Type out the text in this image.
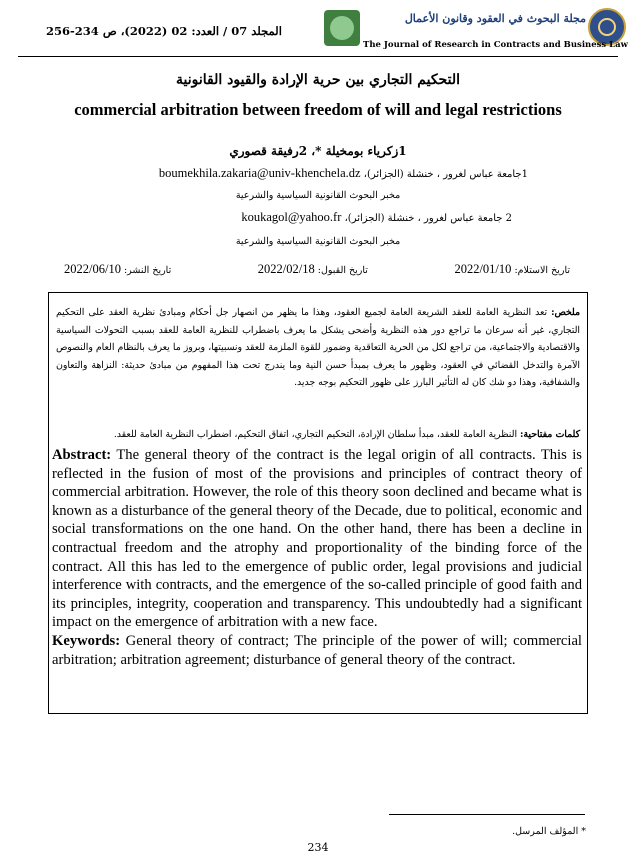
مجلة البحوث في العقود وقانون الأعمال
The Journal of Research in Contracts and Business Law
المجلد 07 / العدد: 02 (2022)، ص 234-256
التحكيم التجاري بين حرية الإرادة والقيود القانونية
commercial arbitration between freedom of will and legal restrictions
1زكرياء بومخيلة *، 2رفيقة قصوري
1جامعة عباس لغرور ، خنشلة (الجزائر)، boumekhila.zakaria@univ-khenchela.dz
مخبر البحوث القانونية السياسية والشرعية
2 جامعة عباس لغرور ، خنشلة (الجزائر)، koukagol@yahoo.fr
مخبر البحوث القانونية السياسية والشرعية
تاريخ الاستلام: 2022/01/10
تاريخ القبول: 2022/02/18
تاريخ النشر: 2022/06/10
ملخص: تعد النظرية العامة للعقد الشريعة العامة لجميع العقود، وهذا ما يظهر من انصهار جل أحكام ومبادئ نظرية العقد على التحكيم التجاري، غير أنه سرعان ما تراجع دور هذه النظرية وأضحى يشكل ما يعرف باضطراب للنظرية العامة للعقد بسبب التحولات السياسية والاقتصادية والاجتماعية، من تراجع لكل من الحرية التعاقدية وضمور للقوة الملزمة للعقد ونسبيتها، وبروز ما يعرف بالنظام العام والنصوص الآمرة والتدخل القضائي في العقود، وظهور ما يعرف بمبدأ حسن النية وما يندرج تحت هذا المفهوم من مبادئ حديثة: النزاهة والتعاون والشفافية، وهذا دو شك كان له التأثير البارز على ظهور التحكيم بوجه جديد.
كلمات مفتاحية: النظرية العامة للعقد، مبدأ سلطان الإرادة، التحكيم التجاري، اتفاق التحكيم، اضطراب النظرية العامة للعقد.
Abstract: The general theory of the contract is the legal origin of all contracts. This is reflected in the fusion of most of the provisions and principles of contract theory of commercial arbitration. However, the role of this theory soon declined and became what is known as a disturbance of the general theory of the Decade, due to political, economic and social transformations on the one hand. On the other hand, there has been a decline in contractual freedom and the atrophy and proportionality of the binding force of the contract. All this has led to the emergence of public order, legal provisions and judicial interference with contracts, and the emergence of the so-called principle of good faith and its principles, integrity, cooperation and transparency. This undoubtedly had a significant impact on the emergence of arbitration with a new face.
Keywords: General theory of contract; The principle of the power of will; commercial arbitration; arbitration agreement; disturbance of general theory of the contract.
* المؤلف المرسل.
234
